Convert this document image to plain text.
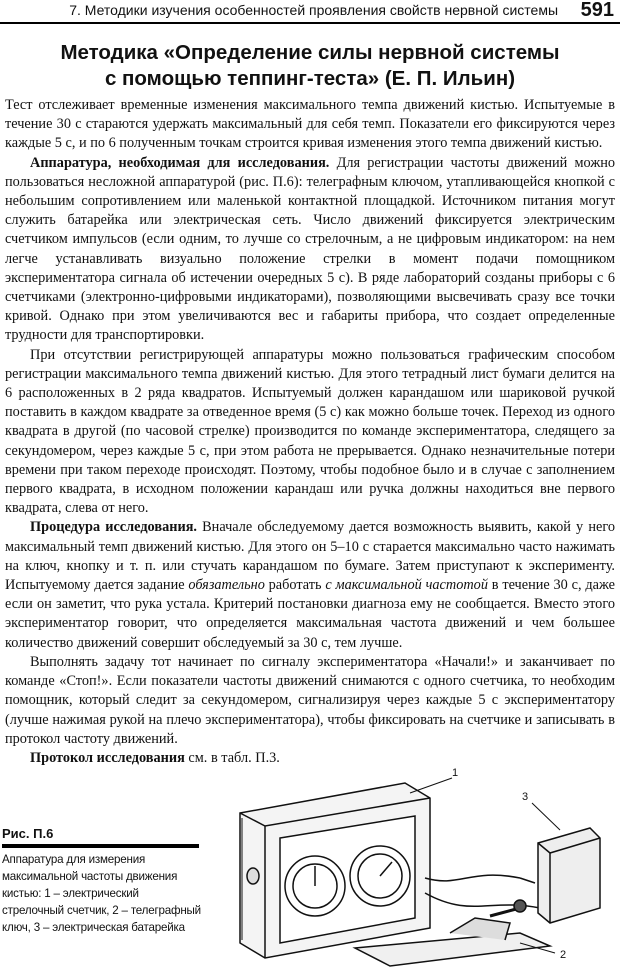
7. Методики изучения особенностей проявления свойств нервной системы 591
Методика «Определение силы нервной системы
с помощью теппинг-теста» (Е. П. Ильин)

Тест отслеживает временные изменения максимального темпа движений кистью. Испытуемые в течение 30 с стараются удержать максимальный для себя темп. Показатели его фиксируются через каждые 5 с, и по 6 полученным точкам строится кривая изменения этого темпа движений кистью.

Аппаратура, необходимая для исследования. Для регистрации частоты движений можно пользоваться несложной аппаратурой (рис. П.6): телеграфным ключом, утапливающейся кнопкой с небольшим сопротивлением или маленькой контактной площадкой. Источником питания могут служить батарейка или электрическая сеть. Число движений фиксируется электрическим счетчиком импульсов (если одним, то лучше со стрелочным, а не цифровым индикатором: на нем легче устанавливать визуально положение стрелки в момент подачи помощником экспериментатора сигнала об истечении очередных 5 с). В ряде лабораторий созданы приборы с 6 счетчиками (электронно-цифровыми индикаторами), позволяющими высвечивать сразу все точки кривой. Однако при этом увеличиваются вес и габариты прибора, что создает определенные трудности для транспортировки.

При отсутствии регистрирующей аппаратуры можно пользоваться графическим способом регистрации максимального темпа движений кистью. Для этого тетрадный лист бумаги делится на 6 расположенных в 2 ряда квадратов. Испытуемый должен карандашом или шариковой ручкой поставить в каждом квадрате за отведенное время (5 с) как можно больше точек. Переход из одного квадрата в другой (по часовой стрелке) производится по команде экспериментатора, следящего за секундомером, через каждые 5 с, при этом работа не прерывается. Однако незначительные потери времени при таком переходе происходят. Поэтому, чтобы подобное было и в случае с заполнением первого квадрата, в исходном положении карандаш или ручка должны находиться вне первого квадрата, слева от него.

Процедура исследования. Вначале обследуемому дается возможность выявить, какой у него максимальный темп движений кистью. Для этого он 5–10 с старается максимально часто нажимать на ключ, кнопку и т. п. или стучать карандашом по бумаге. Затем приступают к эксперименту. Испытуемому дается задание обязательно работать с максимальной частотой в течение 30 с, даже если он заметит, что рука устала. Критерий постановки диагноза ему не сообщается. Вместо этого экспериментатор говорит, что определяется максимальная частота движений и чем большее количество движений совершит обследуемый за 30 с, тем лучше.

Выполнять задачу тот начинает по сигналу экспериментатора «Начали!» и заканчивает по команде «Стоп!». Если показатели частоты движений снимаются с одного счетчика, то необходим помощник, который следит за секундомером, сигнализируя через каждые 5 с экспериментатору (лучше нажимая рукой на плечо экспериментатора), чтобы фиксировать на счетчике и записывать в протокол частоту движений.

Протокол исследования см. в табл. П.3.

Рис. П.6
Аппаратура для измерения максимальной частоты движения кистью: 1 – электрический стрелочный счетчик, 2 – телеграфный ключ, 3 – электрическая батарейка
1
2
3
